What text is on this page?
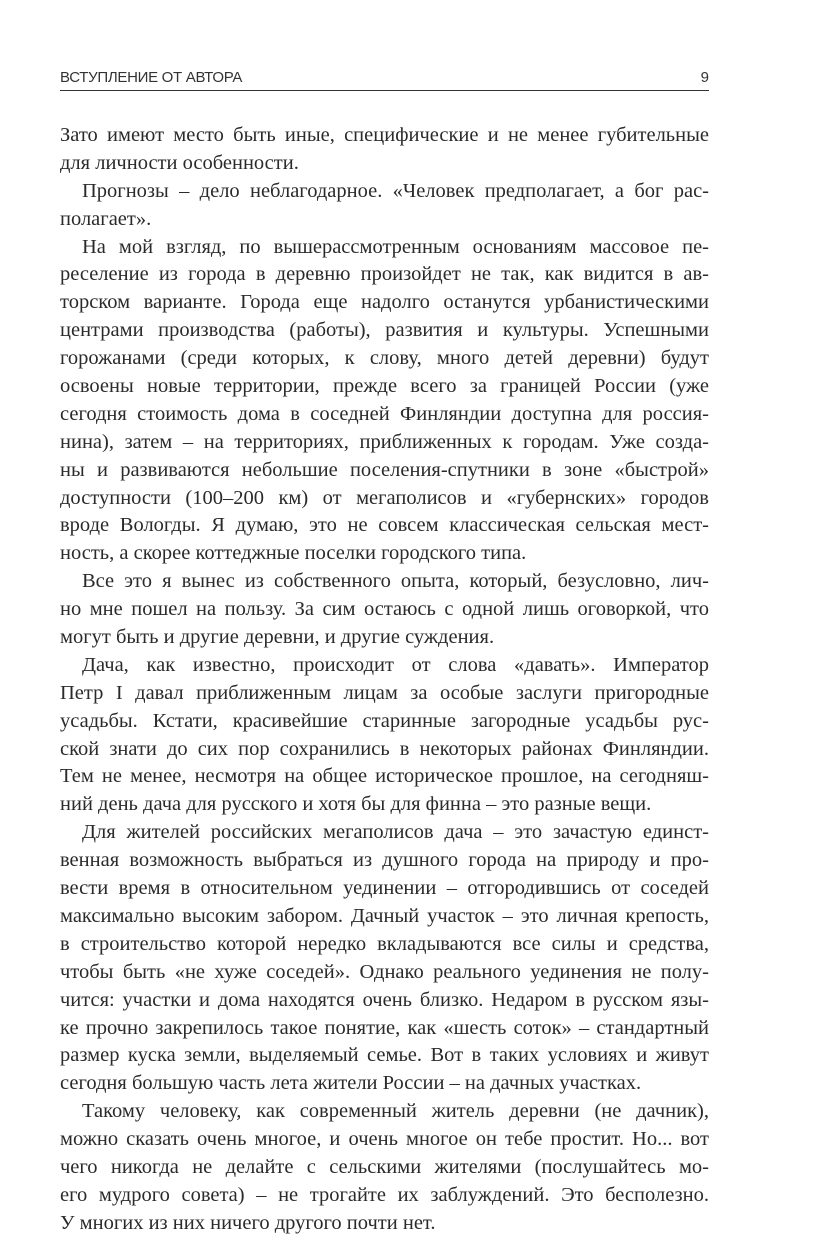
ВСТУПЛЕНИЕ ОТ АВТОРА	9
Зато имеют место быть иные, специфические и не менее губительные
для личности особенности.
Прогнозы – дело неблагодарное. «Человек предполагает, а бог рас-
полагает».
На мой взгляд, по вышерассмотренным основаниям массовое пе-
реселение из города в деревню произойдет не так, как видится в ав-
торском варианте. Города еще надолго останутся урбанистическими
центрами производства (работы), развития и культуры. Успешными
горожанами (среди которых, к слову, много детей деревни) будут
освоены новые территории, прежде всего за границей России (уже
сегодня стоимость дома в соседней Финляндии доступна для россия-
нина), затем – на территориях, приближенных к городам. Уже созда-
ны и развиваются небольшие поселения-спутники в зоне «быстрой»
доступности (100–200 км) от мегаполисов и «губернских» городов
вроде Вологды. Я думаю, это не совсем классическая сельская мест-
ность, а скорее коттеджные поселки городского типа.
Все это я вынес из собственного опыта, который, безусловно, лич-
но мне пошел на пользу. За сим остаюсь с одной лишь оговоркой, что
могут быть и другие деревни, и другие суждения.
Дача, как известно, происходит от слова «давать». Император
Петр I давал приближенным лицам за особые заслуги пригородные
усадьбы. Кстати, красивейшие старинные загородные усадьбы рус-
ской знати до сих пор сохранились в некоторых районах Финляндии.
Тем не менее, несмотря на общее историческое прошлое, на сегодняш-
ний день дача для русского и хотя бы для финна – это разные вещи.
Для жителей российских мегаполисов дача – это зачастую единст-
венная возможность выбраться из душного города на природу и про-
вести время в относительном уединении – отгородившись от соседей
максимально высоким забором. Дачный участок – это личная крепость,
в строительство которой нередко вкладываются все силы и средства,
чтобы быть «не хуже соседей». Однако реального уединения не полу-
чится: участки и дома находятся очень близко. Недаром в русском язы-
ке прочно закрепилось такое понятие, как «шесть соток» – стандартный
размер куска земли, выделяемый семье. Вот в таких условиях и живут
сегодня большую часть лета жители России – на дачных участках.
Такому человеку, как современный житель деревни (не дачник),
можно сказать очень многое, и очень многое он тебе простит. Но... вот
чего никогда не делайте с сельскими жителями (послушайтесь мо-
его мудрого совета) – не трогайте их заблуждений. Это бесполезно.
У многих из них ничего другого почти нет.
